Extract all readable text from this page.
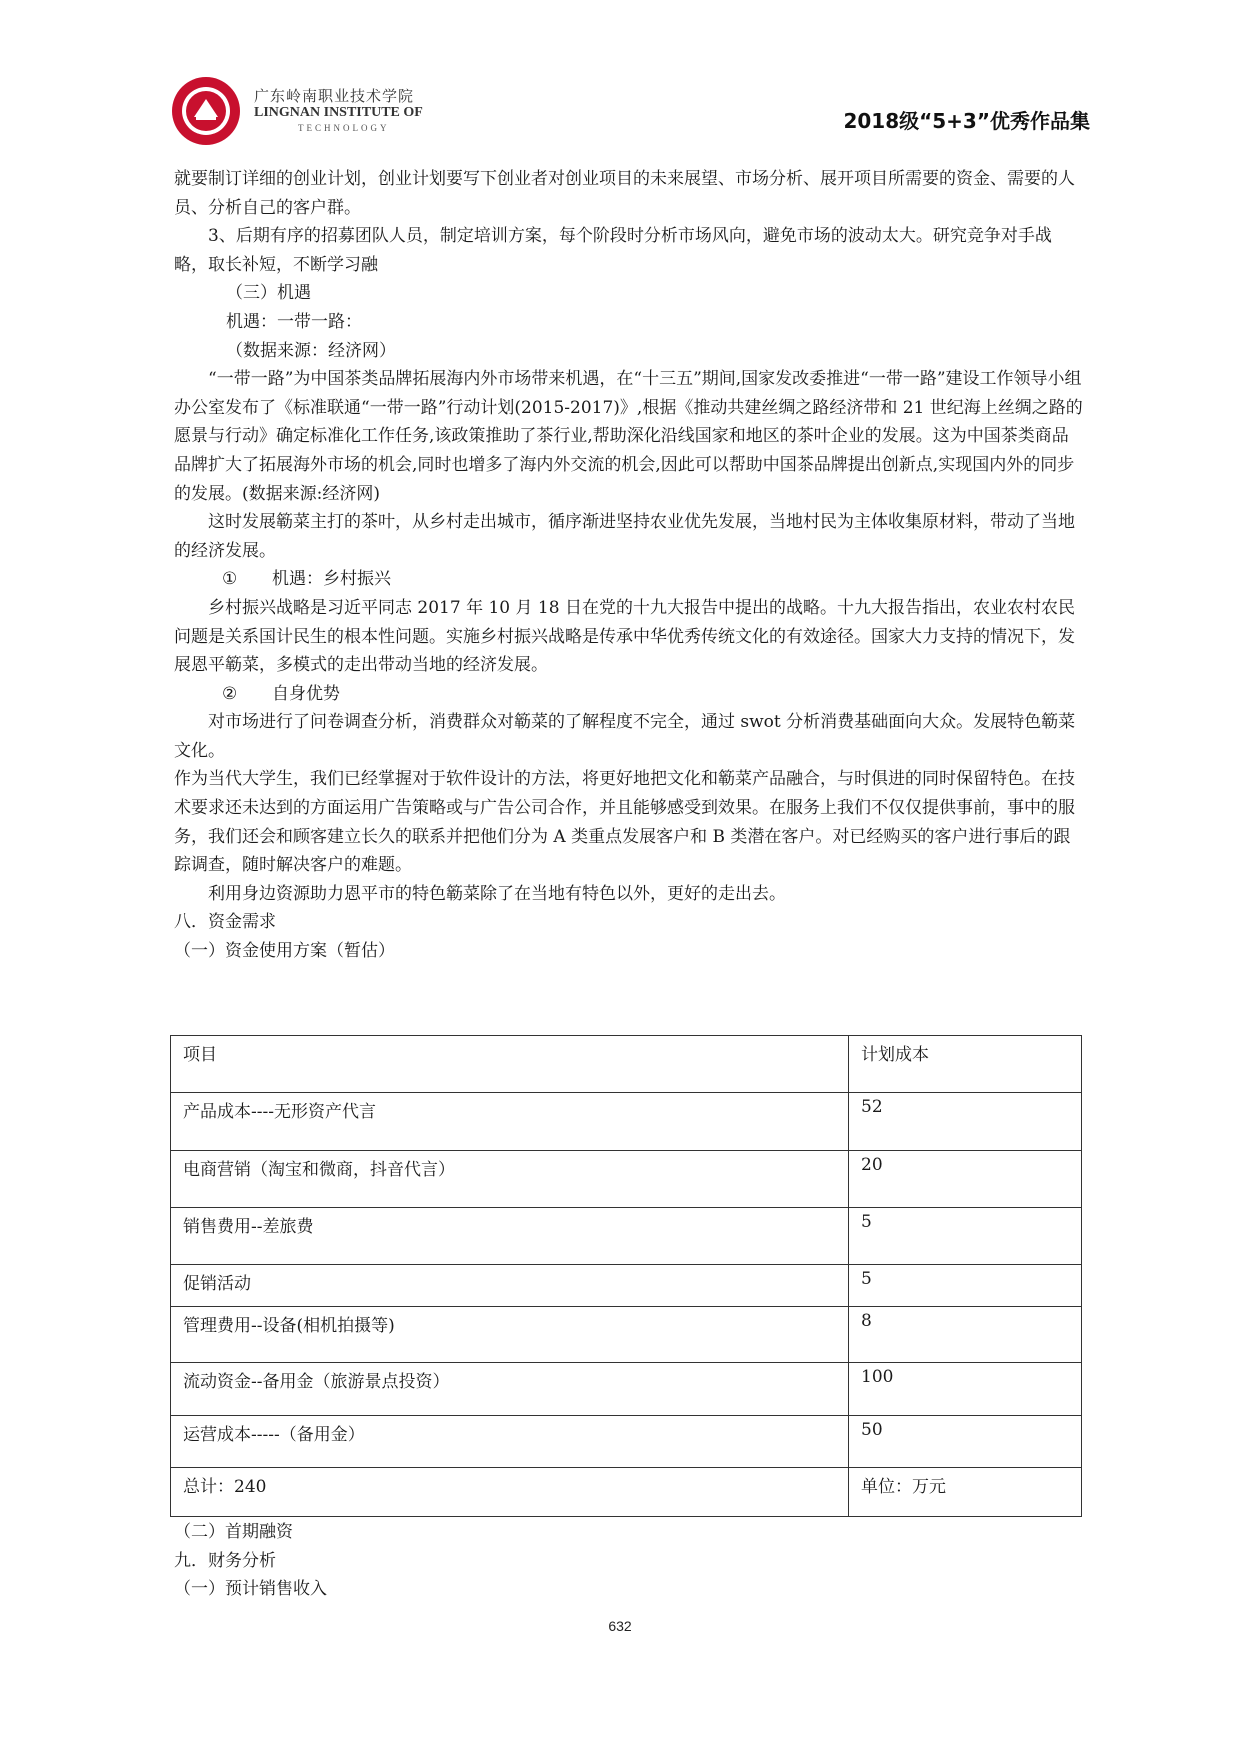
广东岭南职业技术学院
LINGNAN INSTITUTE OF
TECHNOLOGY	2018级“5+3”优秀作品集

就要制订详细的创业计划，创业计划要写下创业者对创业项目的未来展望、市场分析、展开项目所需要的资金、需要的人员、分析自己的客户群。

3、后期有序的招募团队人员，制定培训方案，每个阶段时分析市场风向，避免市场的波动太大。研究竞争对手战略，取长补短，不断学习融

（三）机遇

机遇：一带一路：

（数据来源：经济网）

“一带一路”为中国茶类品牌拓展海内外市场带来机遇，在“十三五”期间,国家发改委推进“一带一路”建设工作领导小组办公室发布了《标准联通“一带一路”行动计划(2015-2017)》,根据《推动共建丝绸之路经济带和 21 世纪海上丝绸之路的愿景与行动》确定标准化工作任务,该政策推助了茶行业,帮助深化沿线国家和地区的茶叶企业的发展。这为中国茶类商品品牌扩大了拓展海外市场的机会,同时也增多了海内外交流的机会,因此可以帮助中国茶品牌提出创新点,实现国内外的同步的发展。(数据来源:经济网)

这时发展簕菜主打的茶叶，从乡村走出城市，循序渐进坚持农业优先发展，当地村民为主体收集原材料，带动了当地的经济发展。

① 机遇：乡村振兴

乡村振兴战略是习近平同志 2017 年 10 月 18 日在党的十九大报告中提出的战略。十九大报告指出，农业农村农民问题是关系国计民生的根本性问题。实施乡村振兴战略是传承中华优秀传统文化的有效途径。国家大力支持的情况下，发展恩平簕菜，多模式的走出带动当地的经济发展。

② 自身优势

对市场进行了问卷调查分析，消费群众对簕菜的了解程度不完全，通过 swot 分析消费基础面向大众。发展特色簕菜文化。

作为当代大学生，我们已经掌握对于软件设计的方法，将更好地把文化和簕菜产品融合，与时俱进的同时保留特色。在技术要求还未达到的方面运用广告策略或与广告公司合作，并且能够感受到效果。在服务上我们不仅仅提供事前，事中的服务，我们还会和顾客建立长久的联系并把他们分为 A 类重点发展客户和 B 类潜在客户。对已经购买的客户进行事后的跟踪调查，随时解决客户的难题。

利用身边资源助力恩平市的特色簕菜除了在当地有特色以外，更好的走出去。

八．资金需求

（一）资金使用方案（暂估）

项目	计划成本
产品成本----无形资产代言	52
电商营销（淘宝和微商，抖音代言）	20
销售费用--差旅费	5
促销活动	5
管理费用--设备(相机拍摄等)	8
流动资金--备用金（旅游景点投资）	100
运营成本-----（备用金）	50
总计：240	单位：万元

（二）首期融资

九．财务分析

（一）预计销售收入

632
